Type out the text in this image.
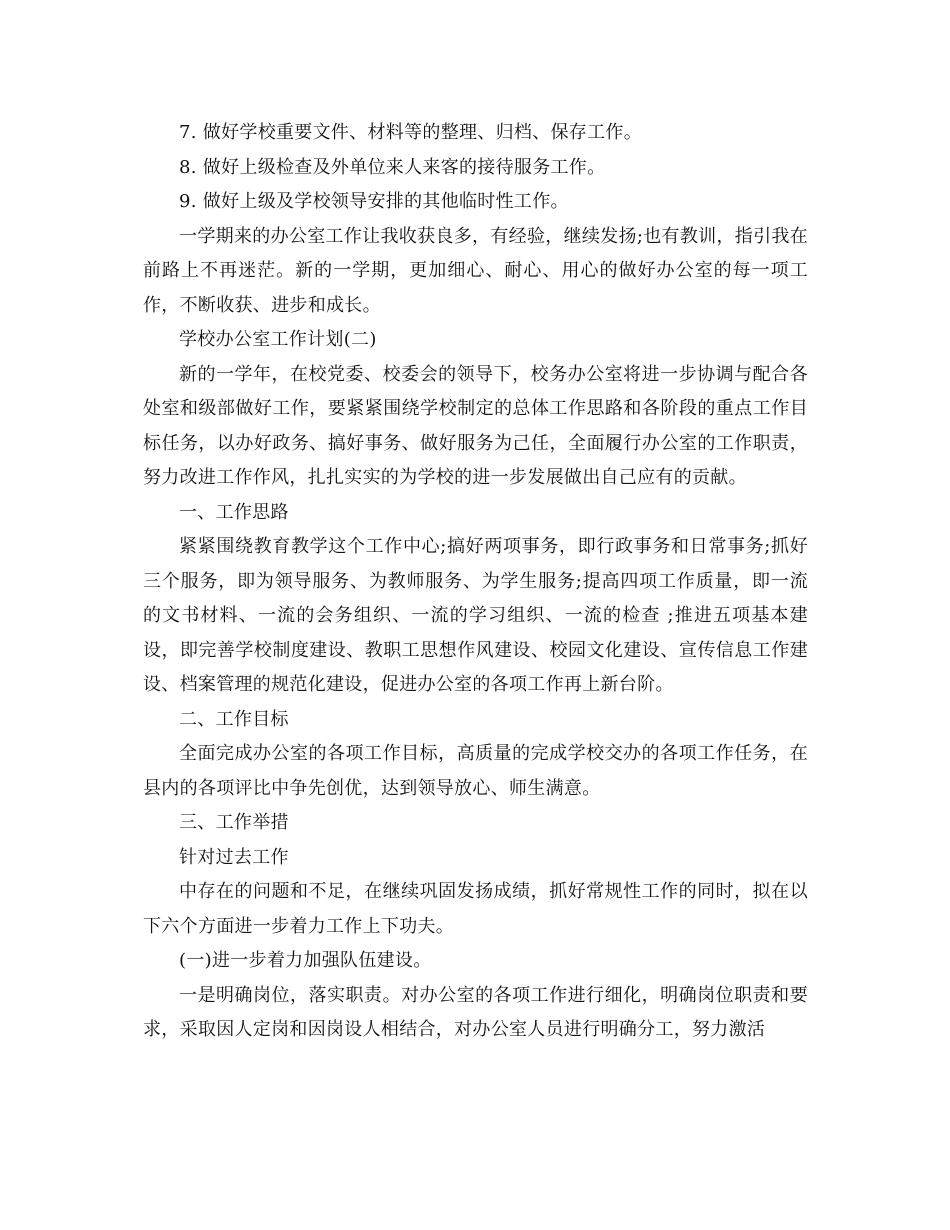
7. 做好学校重要文件、材料等的整理、归档、保存工作。

8. 做好上级检查及外单位来人来客的接待服务工作。

9. 做好上级及学校领导安排的其他临时性工作。

一学期来的办公室工作让我收获良多，有经验，继续发扬;也有教训，指引我在前路上不再迷茫。新的一学期，更加细心、耐心、用心的做好办公室的每一项工作，不断收获、进步和成长。

学校办公室工作计划(二)

新的一学年，在校党委、校委会的领导下，校务办公室将进一步协调与配合各处室和级部做好工作，要紧紧围绕学校制定的总体工作思路和各阶段的重点工作目标任务，以办好政务、搞好事务、做好服务为己任，全面履行办公室的工作职责，努力改进工作作风，扎扎实实的为学校的进一步发展做出自己应有的贡献。

一、工作思路

紧紧围绕教育教学这个工作中心;搞好两项事务，即行政事务和日常事务;抓好三个服务，即为领导服务、为教师服务、为学生服务;提高四项工作质量，即一流的文书材料、一流的会务组织、一流的学习组织、一流的检查 ;推进五项基本建设，即完善学校制度建设、教职工思想作风建设、校园文化建设、宣传信息工作建设、档案管理的规范化建设，促进办公室的各项工作再上新台阶。

二、工作目标

全面完成办公室的各项工作目标，高质量的完成学校交办的各项工作任务，在县内的各项评比中争先创优，达到领导放心、师生满意。

三、工作举措

针对过去工作

中存在的问题和不足，在继续巩固发扬成绩，抓好常规性工作的同时，拟在以下六个方面进一步着力工作上下功夫。

(一)进一步着力加强队伍建设。

一是明确岗位，落实职责。对办公室的各项工作进行细化，明确岗位职责和要求，采取因人定岗和因岗设人相结合，对办公室人员进行明确分工，努力激活
